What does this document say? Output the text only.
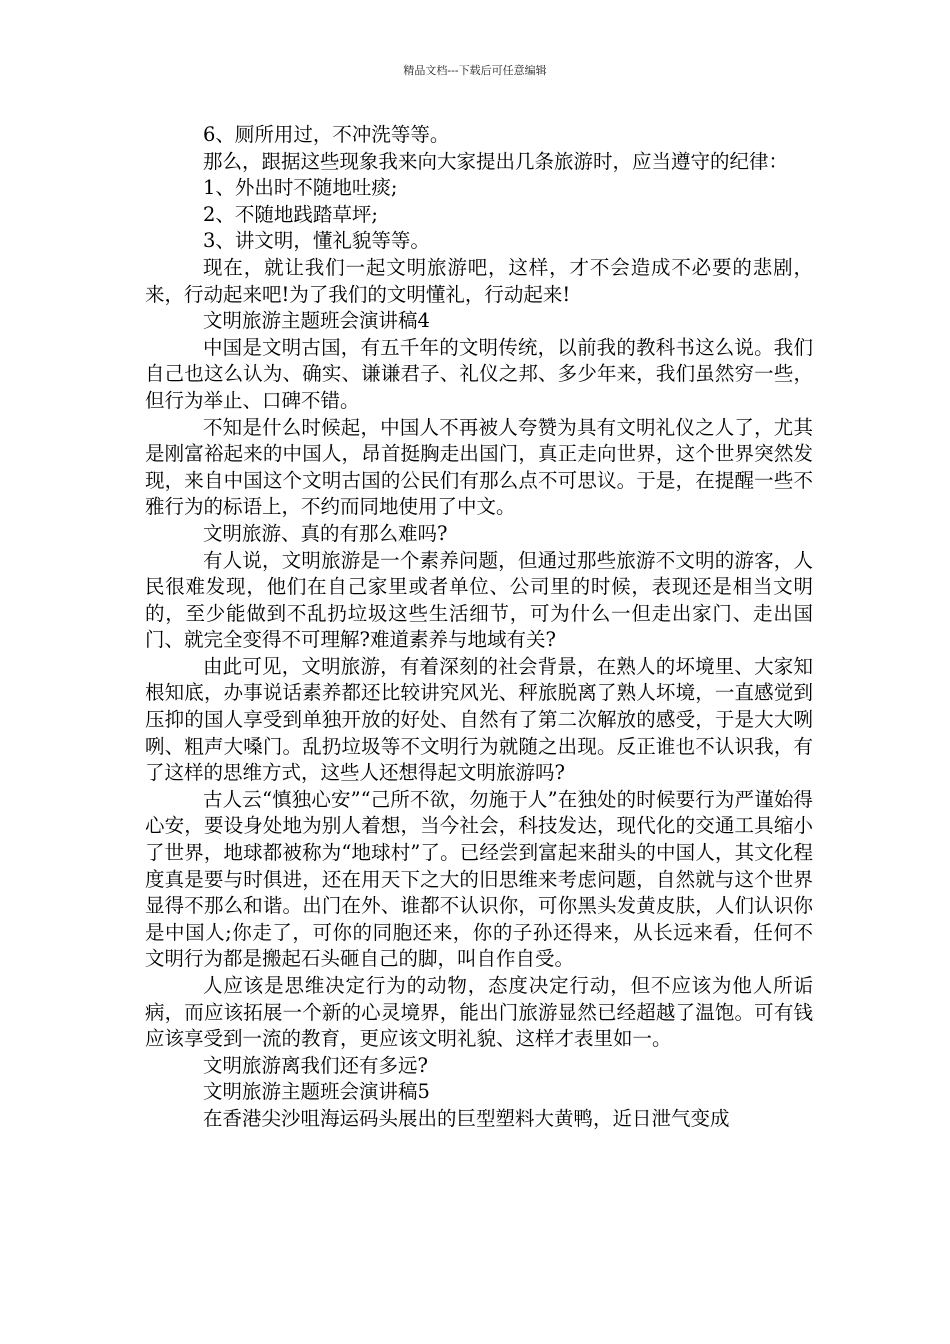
精品文档---下载后可任意编辑

6、厕所用过，不冲洗等等。

那么，跟据这些现象我来向大家提出几条旅游时，应当遵守的纪律：

1、外出时不随地吐痰;

2、不随地践踏草坪;

3、讲文明，懂礼貌等等。

现在，就让我们一起文明旅游吧，这样，才不会造成不必要的悲剧，来，行动起来吧!为了我们的文明懂礼，行动起来!

文明旅游主题班会演讲稿4

中国是文明古国，有五千年的文明传统，以前我的教科书这么说。我们自己也这么认为、确实、谦谦君子、礼仪之邦、多少年来，我们虽然穷一些，但行为举止、口碑不错。

不知是什么时候起，中国人不再被人夸赞为具有文明礼仪之人了，尤其是刚富裕起来的中国人，昂首挺胸走出国门，真正走向世界，这个世界突然发现，来自中国这个文明古国的公民们有那么点不可思议。于是，在提醒一些不雅行为的标语上，不约而同地使用了中文。

文明旅游、真的有那么难吗?

有人说，文明旅游是一个素养问题，但通过那些旅游不文明的游客，人民很难发现，他们在自己家里或者单位、公司里的时候，表现还是相当文明的，至少能做到不乱扔垃圾这些生活细节，可为什么一但走出家门、走出国门、就完全变得不可理解?难道素养与地域有关?

由此可见，文明旅游，有着深刻的社会背景，在熟人的坏境里、大家知根知底，办事说话素养都还比较讲究风光、秤旅脱离了熟人坏境，一直感觉到压抑的国人享受到单独开放的好处、自然有了第二次解放的感受，于是大大咧咧、粗声大嗓门。乱扔垃圾等不文明行为就随之出现。反正谁也不认识我，有了这样的思维方式，这些人还想得起文明旅游吗?

古人云“慎独心安”“己所不欲，勿施于人”在独处的时候要行为严谨始得心安，要设身处地为别人着想，当今社会，科技发达，现代化的交通工具缩小了世界，地球都被称为“地球村”了。已经尝到富起来甜头的中国人，其文化程度真是要与时俱进，还在用天下之大的旧思维来考虑问题，自然就与这个世界显得不那么和谐。出门在外、谁都不认识你，可你黑头发黄皮肤，人们认识你是中国人;你走了，可你的同胞还来，你的子孙还得来，从长远来看，任何不文明行为都是搬起石头砸自己的脚，叫自作自受。

人应该是思维决定行为的动物，态度决定行动，但不应该为他人所诟病，而应该拓展一个新的心灵境界，能出门旅游显然已经超越了温饱。可有钱应该享受到一流的教育，更应该文明礼貌、这样才表里如一。

文明旅游离我们还有多远?

文明旅游主题班会演讲稿5

在香港尖沙咀海运码头展出的巨型塑料大黄鸭，近日泄气变成
